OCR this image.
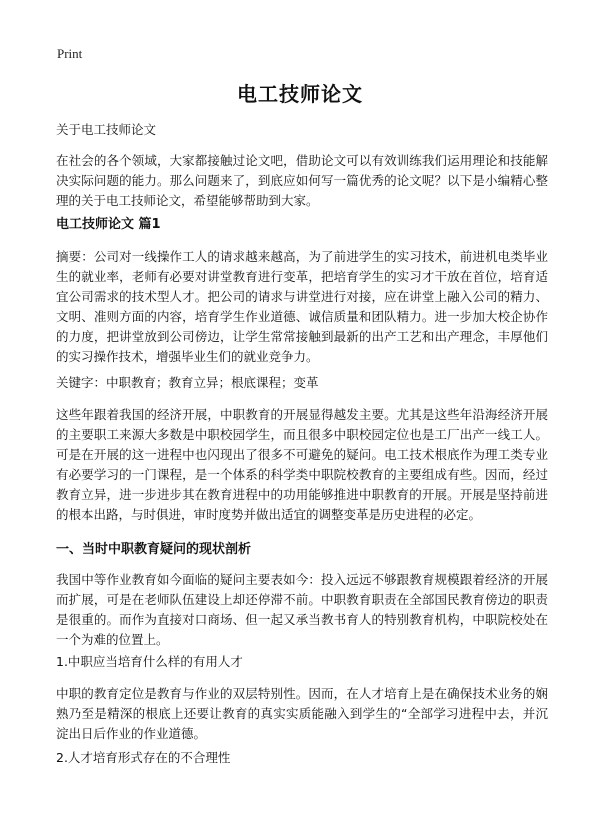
Print
电工技师论文

关于电工技师论文

在社会的各个领域，大家都接触过论文吧，借助论文可以有效训练我们运用理论和技能解决实际问题的能力。那么问题来了，到底应如何写一篇优秀的论文呢？以下是小编精心整理的关于电工技师论文，希望能够帮助到大家。

电工技师论文 篇1

摘要：公司对一线操作工人的请求越来越高，为了前进学生的实习技术，前进机电类毕业生的就业率，老师有必要对讲堂教育进行变革，把培育学生的实习才干放在首位，培育适宜公司需求的技术型人才。把公司的请求与讲堂进行对接，应在讲堂上融入公司的精力、文明、准则方面的内容，培育学生作业道德、诚信质量和团队精力。进一步加大校企协作的力度，把讲堂放到公司傍边，让学生常常接触到最新的出产工艺和出产理念，丰厚他们的实习操作技术，增强毕业生们的就业竞争力。

关键字：中职教育；教育立异；根底课程；变革

这些年跟着我国的经济开展，中职教育的开展显得越发主要。尤其是这些年沿海经济开展的主要职工来源大多数是中职校园学生，而且很多中职校园定位也是工厂出产一线工人。可是在开展的这一进程中也闪现出了很多不可避免的疑问。电工技术根底作为理工类专业有必要学习的一门课程，是一个体系的科学类中职院校教育的主要组成有些。因而，经过教育立异，进一步进步其在教育进程中的功用能够推进中职教育的开展。开展是坚持前进的根本出路，与时俱进，审时度势并做出适宜的调整变革是历史进程的必定。

一、当时中职教育疑问的现状剖析

我国中等作业教育如今面临的疑问主要表如今：投入远远不够跟教育规模跟着经济的开展而扩展，可是在老师队伍建设上却还停滞不前。中职教育职责在全部国民教育傍边的职责是很重的。而作为直接对口商场、但一起又承当教书育人的特别教育机构，中职院校处在一个为难的位置上。

1.中职应当培育什么样的有用人才

中职的教育定位是教育与作业的双层特别性。因而，在人才培育上是在确保技术业务的娴熟乃至是精深的根底上还要让教育的真实实质能融入到学生的“全部学习进程中去，并沉淀出日后作业的作业道德。

2.人才培育形式存在的不合理性
